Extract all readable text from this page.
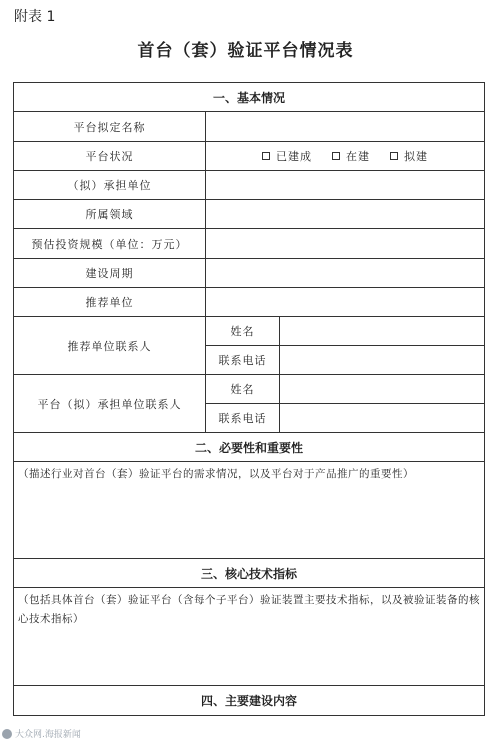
附表 1
首台（套）验证平台情况表
一、基本情况		
平台拟定名称		
平台状况	已建成 在建 拟建	

（拟）承担单位		
所属领域		
预估投资规模（单位：万元）		
建设周期		
推荐单位		
推荐单位联系人	姓名	
	联系电话	
平台（拟）承担单位联系人	姓名	
	联系电话	
二、必要性和重要性		

（描述行业对首台（套）验证平台的需求情况，以及平台对于产品推广的重要性）		

三、核心技术指标		

（包括具体首台（套）验证平台（含每个子平台）验证装置主要技术指标，以及被验证装备的核心技术指标）		

四、主要建设内容		
大众网.海报新闻
